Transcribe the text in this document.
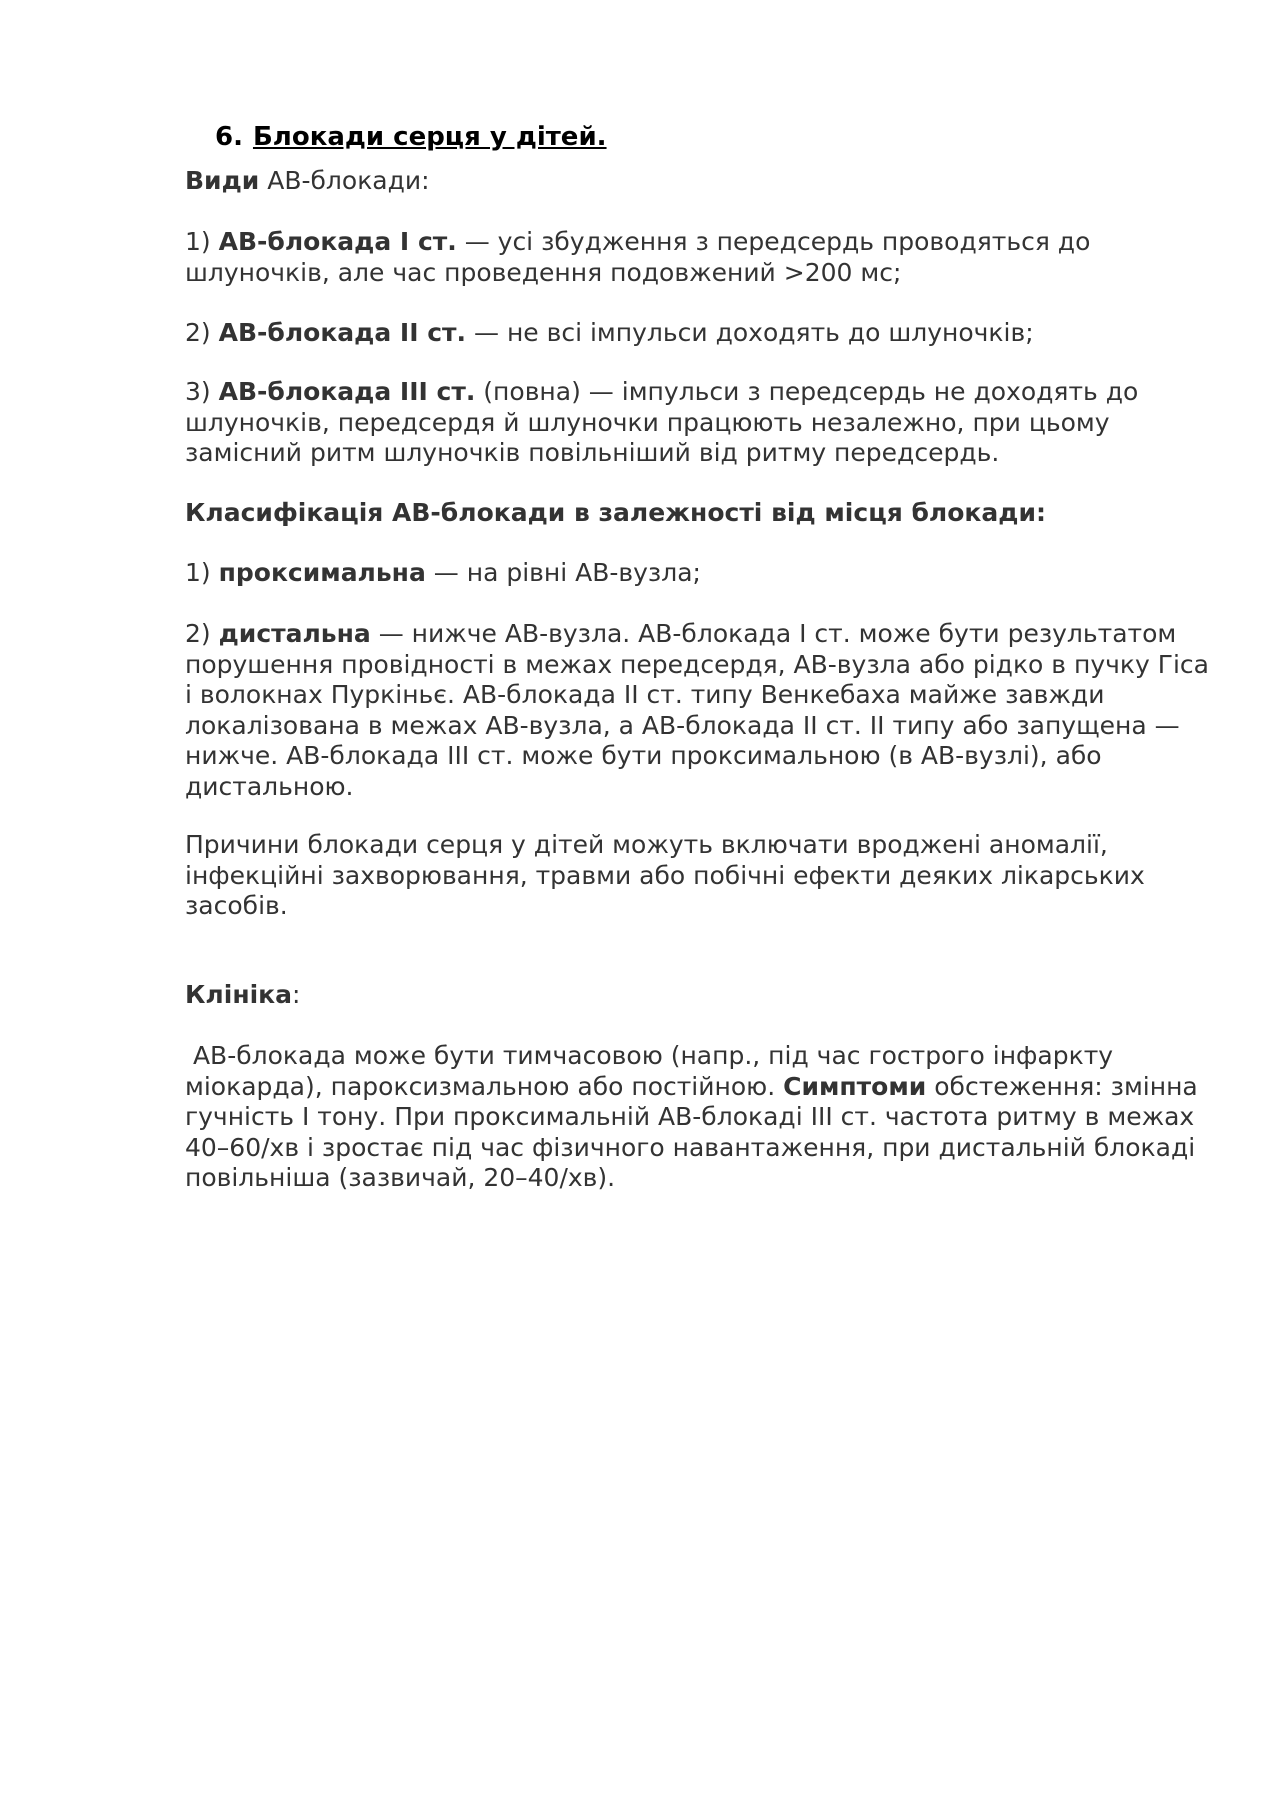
6. Блокади серця у дітей.
Види АВ-блокади:
1) АВ-блокада I ст. — усі збудження з передсердь проводяться до шлуночків, але час проведення подовжений >200 мс;
2) АВ-блокада II ст. — не всі імпульси доходять до шлуночків;
3) АВ-блокада III ст. (повна) — імпульси з передсердь не доходять до шлуночків, передсердя й шлуночки працюють незалежно, при цьому замісний ритм шлуночків повільніший від ритму передсердь.
Класифікація АВ-блокади в залежності від місця блокади:
1) проксимальна — на рівні АВ-вузла;
2) дистальна — нижче АВ-вузла. АВ-блокада I ст. може бути результатом порушення провідності в межах передсердя, АВ-вузла або рідко в пучку Гіса і волокнах Пуркіньє. АВ-блокада II ст. типу Венкебаха майже завжди локалізована в межах АВ-вузла, а АВ-блокада II ст. II типу або запущена — нижче. АВ-блокада III ст. може бути проксимальною (в АВ-вузлі), або дистальною.
Причини блокади серця у дітей можуть включати вроджені аномалії, інфекційні захворювання, травми або побічні ефекти деяких лікарських засобів.
Клініка:
АВ-блокада може бути тимчасовою (напр., під час гострого інфаркту міокарда), пароксизмальною або постійною. Симптоми обстеження: змінна гучність I тону. При проксимальній АВ-блокаді III ст. частота ритму в межах 40–60/хв і зростає під час фізичного навантаження, при дистальній блокаді повільніша (зазвичай, 20–40/хв).
